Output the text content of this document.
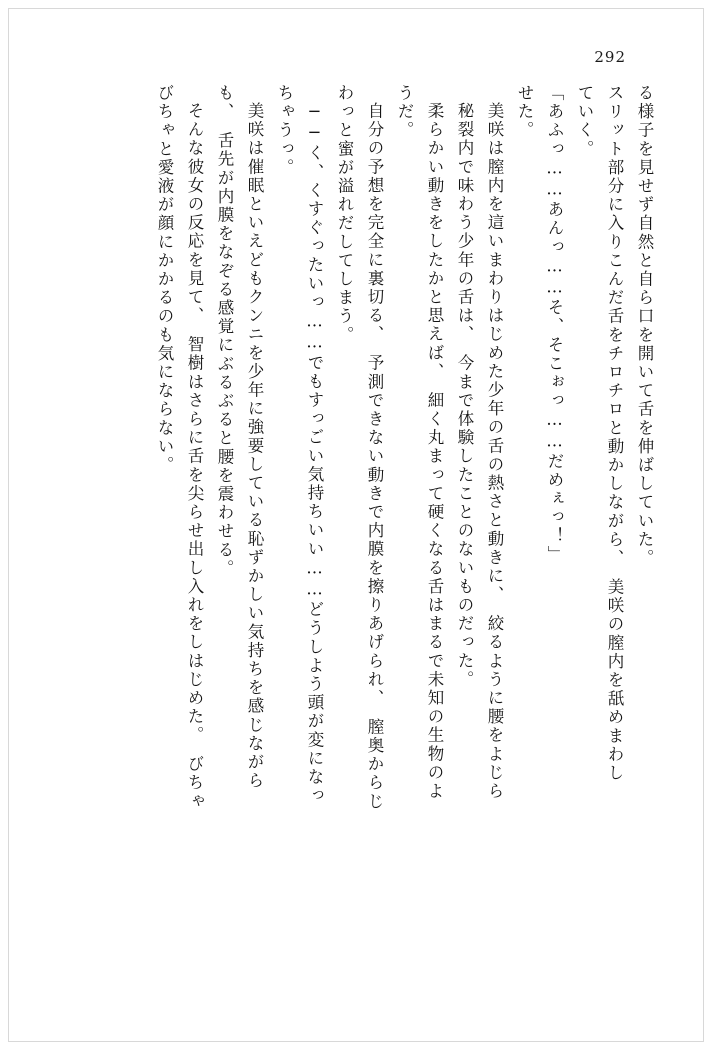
292
る様子を見せず自然と自ら口を開いて舌を伸ばしていた。
スリット部分に入りこんだ舌をチロチロと動かしながら、　美咲の膣内を舐めまわし
ていく。
「あふっ……あんっ……そ、そこぉっ……だめぇっ！」
せた。
美咲は膣内を這いまわりはじめた少年の舌の熱さと動きに、　絞るように腰をよじら
秘裂内で味わう少年の舌は、　今まで体験したことのないものだった。
柔らかい動きをしたかと思えば、　細く丸まって硬くなる舌はまるで未知の生物のよ
うだ。
自分の予想を完全に裏切る、　予測できない動きで内膜を擦りあげられ、　膣奥からじ
わっと蜜が溢れだしてしまう。
──く、くすぐったいっ……でもすっごい気持ちいい……どうしよう頭が変になっ
ちゃうっ。
美咲は催眠といえどもクンニを少年に強要している恥ずかしい気持ちを感じながら
も、　舌先が内膜をなぞる感覚にぶるぶると腰を震わせる。
そんな彼女の反応を見て、　智樹はさらに舌を尖らせ出し入れをしはじめた。　びちゃ
びちゃと愛液が顔にかかるのも気にならない。
